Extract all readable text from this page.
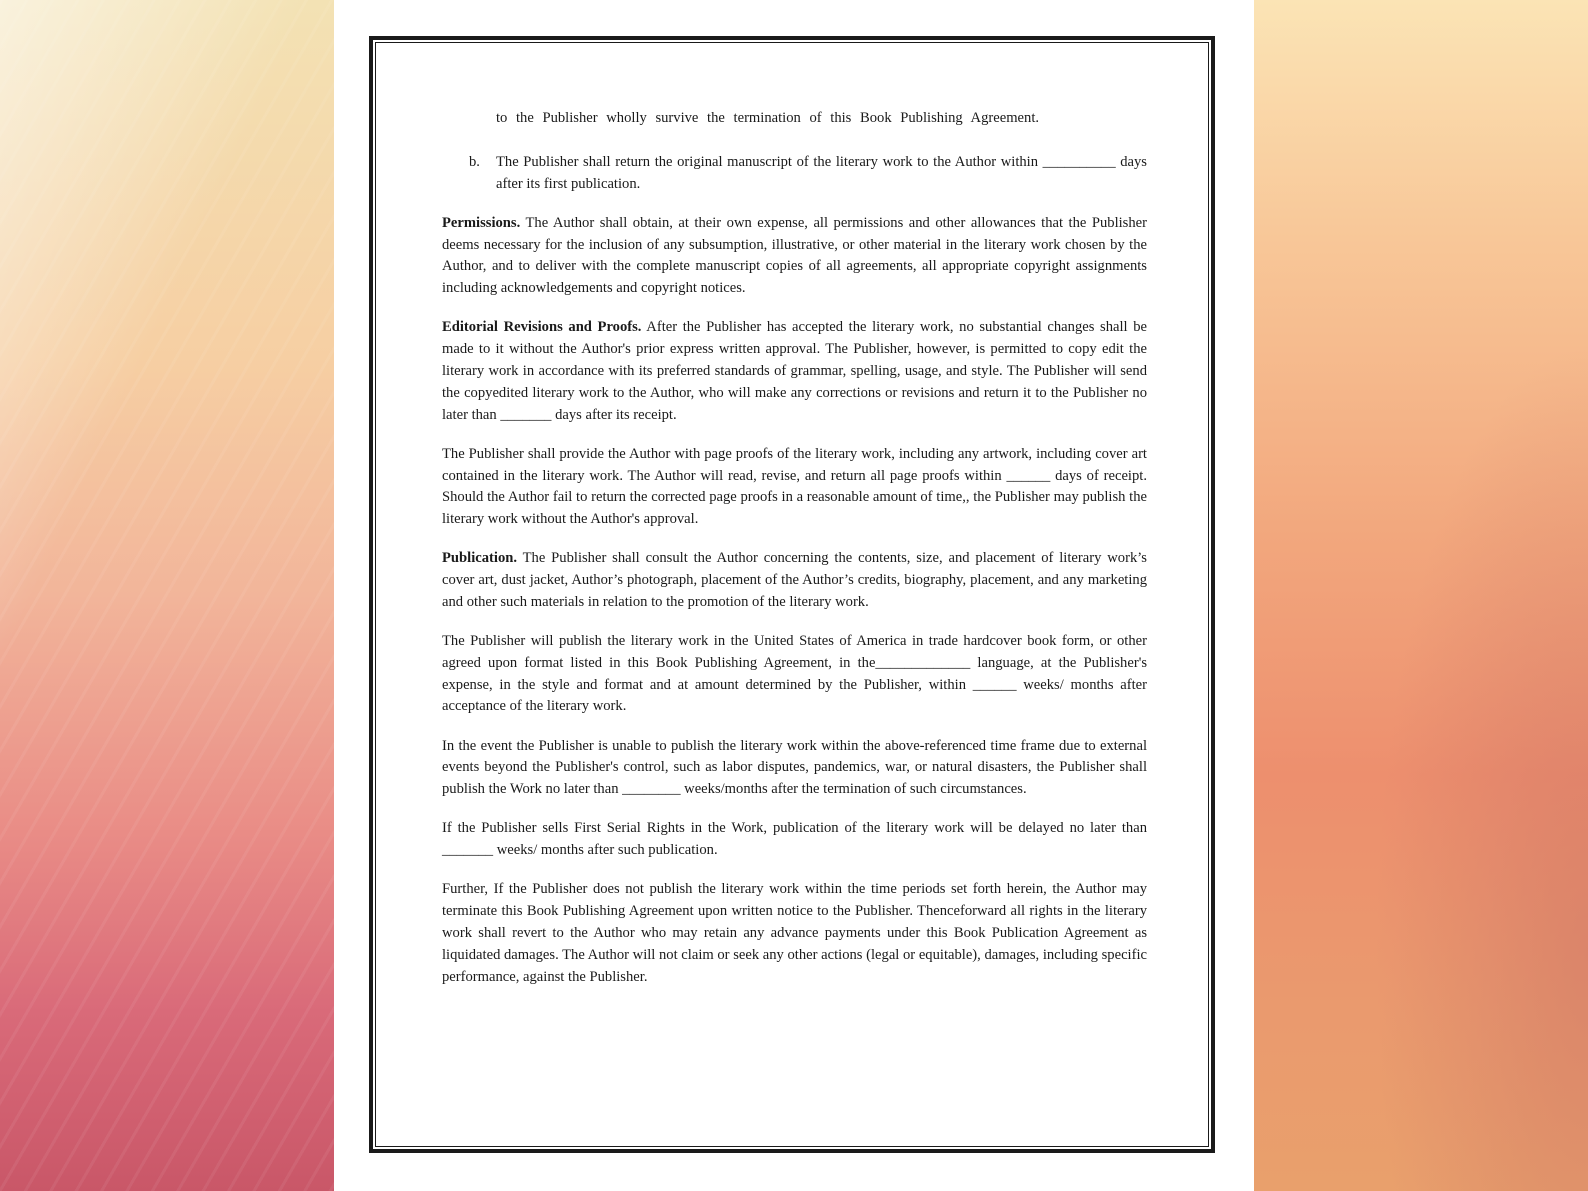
to the Publisher wholly survive the termination of this Book Publishing Agreement.

b.	The Publisher shall return the original manuscript of the literary work to the Author within __________ days after its first publication.

Permissions. The Author shall obtain, at their own expense, all permissions and other allowances that the Publisher deems necessary for the inclusion of any subsumption, illustrative, or other material in the literary work chosen by the Author, and to deliver with the complete manuscript copies of all agreements, all appropriate copyright assignments including acknowledgements and copyright notices.

Editorial Revisions and Proofs. After the Publisher has accepted the literary work, no substantial changes shall be made to it without the Author's prior express written approval. The Publisher, however, is permitted to copy edit the literary work in accordance with its preferred standards of grammar, spelling, usage, and style. The Publisher will send the copyedited literary work to the Author, who will make any corrections or revisions and return it to the Publisher no later than _______ days after its receipt.

The Publisher shall provide the Author with page proofs of the literary work, including any artwork, including cover art contained in the literary work. The Author will read, revise, and return all page proofs within ______ days of receipt. Should the Author fail to return the corrected page proofs in a reasonable amount of time,, the Publisher may publish the literary work without the Author's approval.

Publication. The Publisher shall consult the Author concerning the contents, size, and placement of literary work’s cover art, dust jacket, Author’s photograph, placement of the Author’s credits, biography, placement, and any marketing and other such materials in relation to the promotion of the literary work.

The Publisher will publish the literary work in the United States of America in trade hardcover book form, or other agreed upon format listed in this Book Publishing Agreement, in the_____________ language, at the Publisher's expense, in the style and format and at amount determined by the Publisher, within ______ weeks/ months after acceptance of the literary work.

In the event the Publisher is unable to publish the literary work within the above-referenced time frame due to external events beyond the Publisher's control, such as labor disputes, pandemics, war, or natural disasters, the Publisher shall publish the Work no later than ________ weeks/months after the termination of such circumstances.

If the Publisher sells First Serial Rights in the Work, publication of the literary work will be delayed no later than _______ weeks/ months after such publication.

Further, If the Publisher does not publish the literary work within the time periods set forth herein, the Author may terminate this Book Publishing Agreement upon written notice to the Publisher. Thenceforward all rights in the literary work shall revert to the Author who may retain any advance payments under this Book Publication Agreement as liquidated damages. The Author will not claim or seek any other actions (legal or equitable), damages, including specific performance, against the Publisher.
